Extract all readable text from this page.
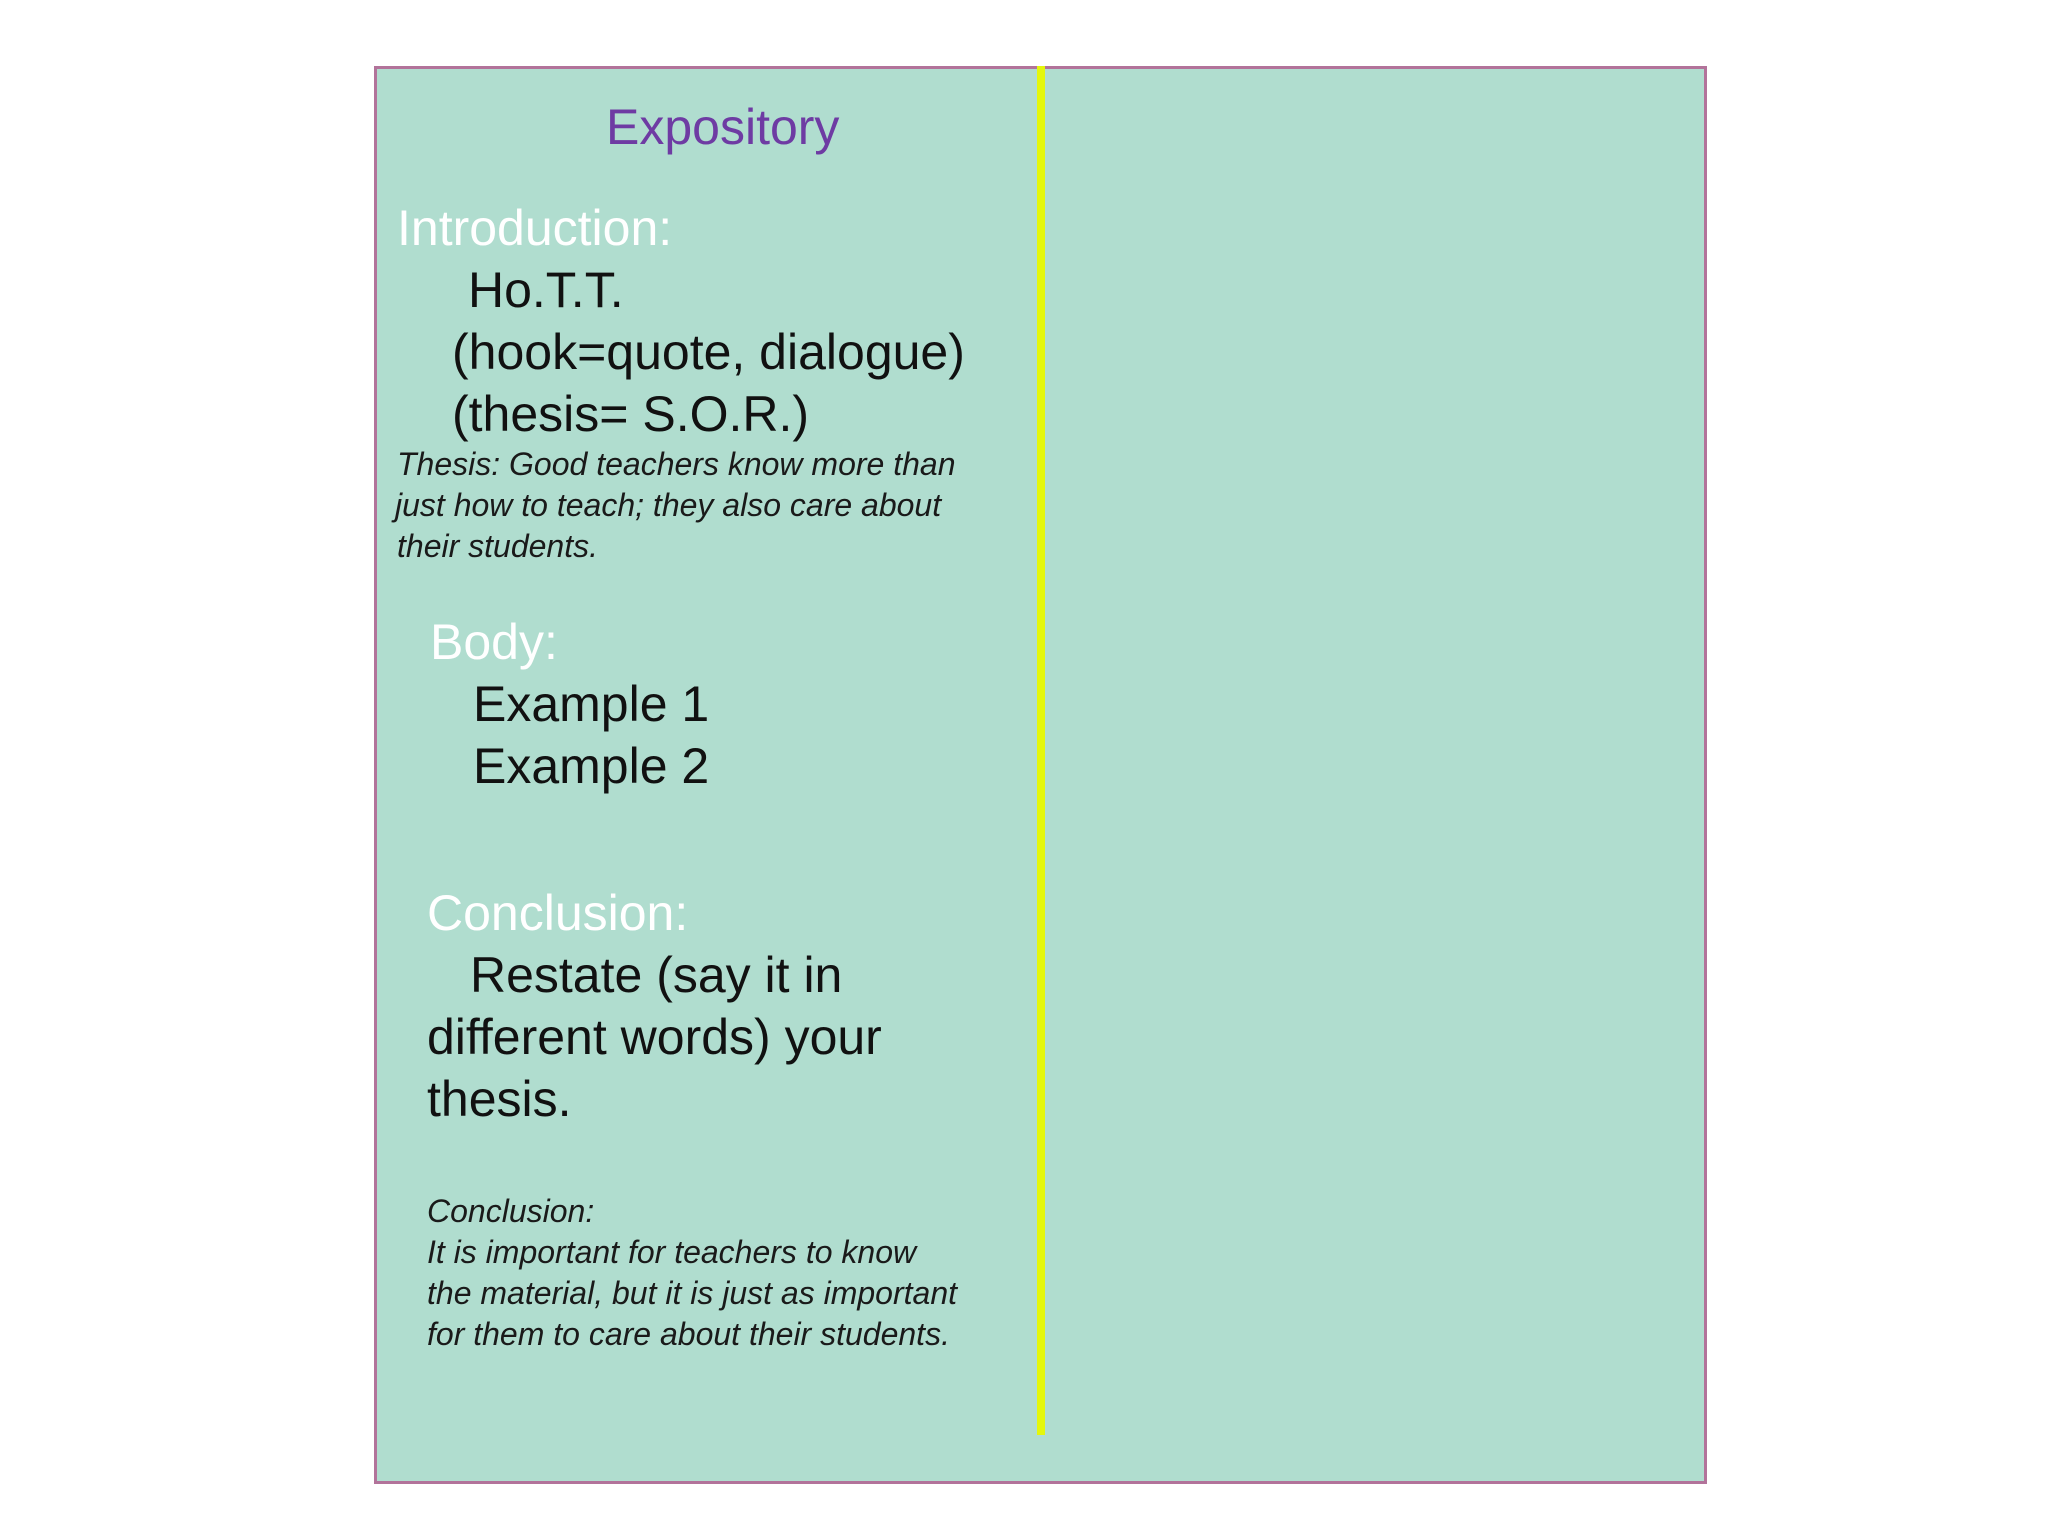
Expository

Introduction:

Ho.T.T.

(hook=quote, dialogue)

(thesis= S.O.R.)

Thesis: Good teachers know more than

just how to teach; they also care about

their students.

Body:

Example 1

Example 2

Conclusion:

Restate (say it in

different words) your

thesis.

Conclusion:

It is important for teachers to know

the material, but it is just as important

for them to care about their students.
